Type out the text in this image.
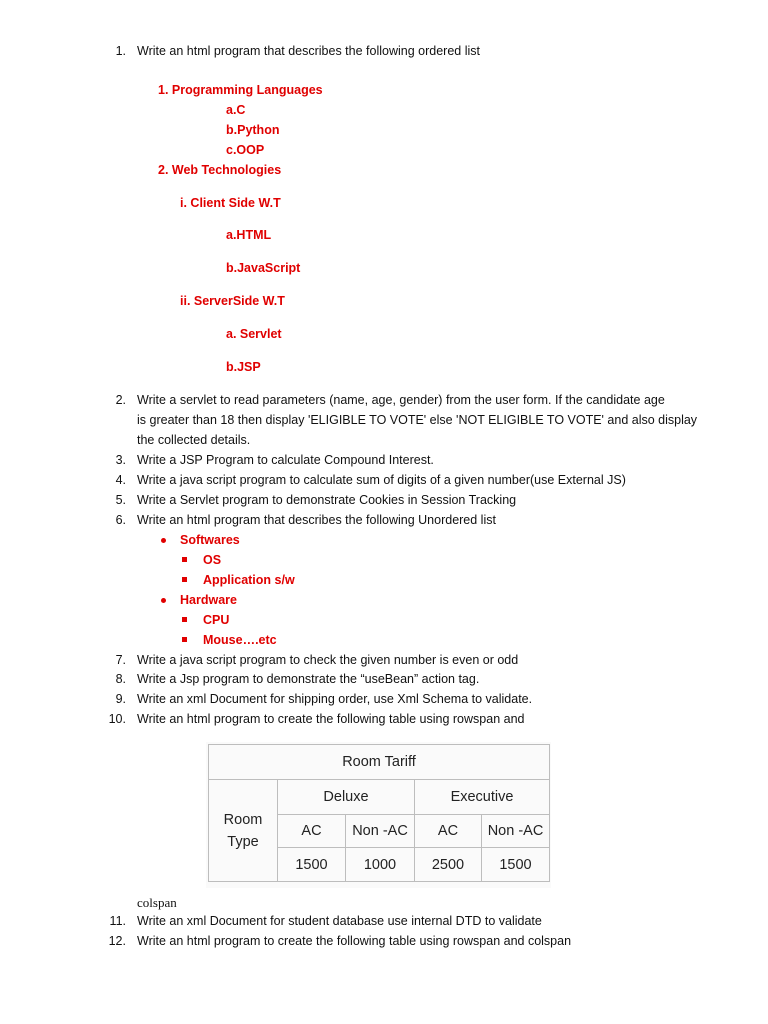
1. Write an html program that describes the following ordered list
1. Programming Languages
a.C
b.Python
c.OOP
2. Web Technologies
i. Client Side W.T
a.HTML
b.JavaScript
ii. ServerSide W.T
a. Servlet
b.JSP
2. Write a servlet to read parameters (name, age, gender) from the user form. If the candidate age
is greater than 18 then display 'ELIGIBLE TO VOTE' else 'NOT ELIGIBLE TO VOTE' and also display
the collected details.
3. Write a JSP Program to calculate Compound Interest.
4. Write a java script program to calculate sum of digits of a given number(use External JS)
5. Write a Servlet program to demonstrate Cookies in Session Tracking
6. Write an html program that describes the following Unordered list
Softwares
OS
Application s/w
Hardware
CPU
Mouse….etc
7. Write a java script program to check the given number is even or odd
8. Write a Jsp program to demonstrate the “useBean” action tag.
9. Write an xml Document for shipping order, use Xml Schema to validate.
10. Write an html program to create the following table using rowspan and
Room Tariff				
Room Type	Deluxe		Executive	
	AC	Non -AC	AC	Non -AC
	1500	1000	2500	1500
colspan
11. Write an xml Document for student database use internal DTD to validate
12. Write an html program to create the following table using rowspan and colspan
